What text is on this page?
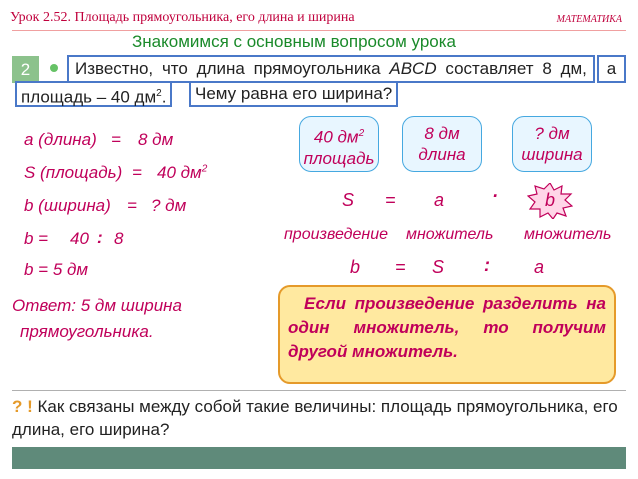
Урок 2.52. Площадь прямоугольника, его длина и ширина	МАТЕМАТИКА
Знакомимся с основным вопросом урока
2	Известно, что длина прямоугольника ABCD составляет 8 дм,	а
площадь – 40 $дм^2$.	Чему равна его ширина?
a (длина) = 8 дм
S (площадь) = 40 $дм^2$
b (ширина) = ? дм
b = 40 : 8
b = 5 дм
Ответ: 5 дм ширина
прямоугольника.
40 $дм^2$
площадь
8 дм
длина
? дм
ширина
S = a	·	b
произведение множитель множитель
b = S : a
Если произведение разделить на
один множитель, то получим
другой множитель.
? ! Как связаны между собой такие величины: площадь прямоугольника, его длина, его ширина?
